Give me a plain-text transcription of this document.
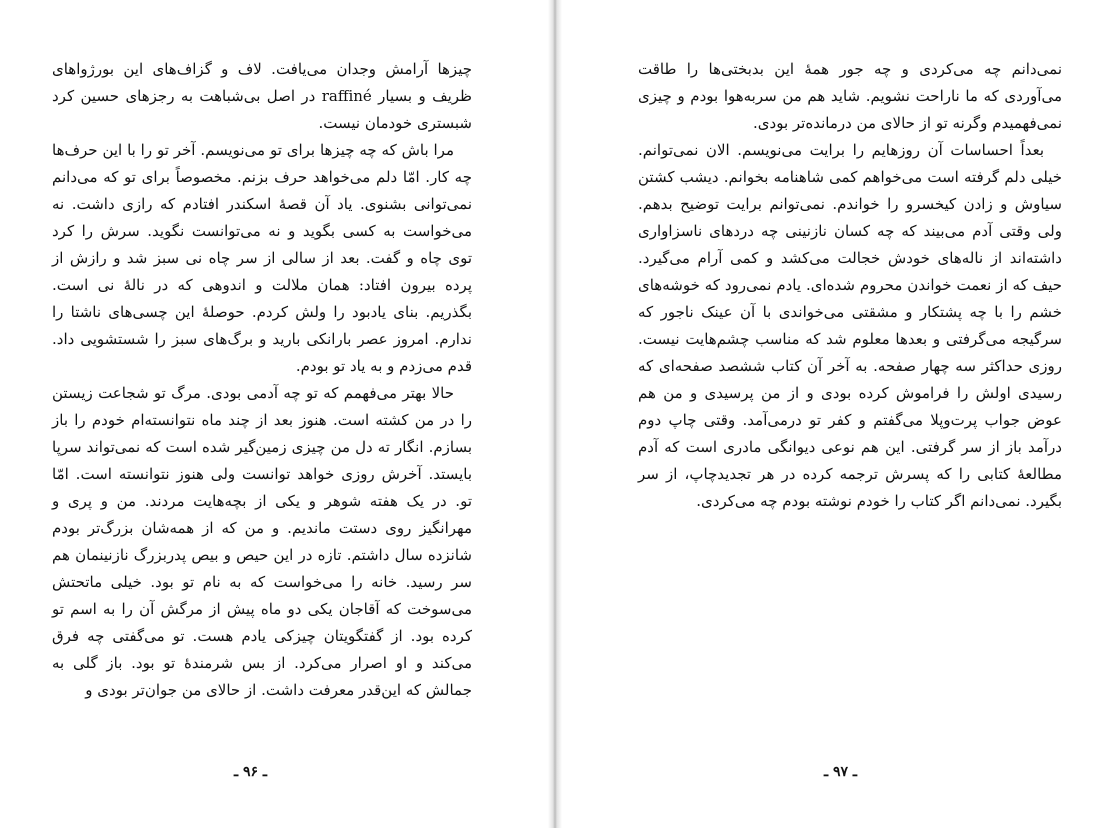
چیزها آرامش وجدان می‌یافت. لاف و گزاف‌های این بورژواهای ظریف و بسیار raffiné در اصل بی‌شباهت به رجزهای حسین کرد شبستری خودمان نیست.

مرا باش که چه چیزها برای تو می‌نویسم. آخر تو را با این حرف‌ها چه کار. امّا دلم می‌خواهد حرف بزنم. مخصوصاً برای تو که می‌دانم نمی‌توانی بشنوی. یاد آن قصهٔ اسکندر افتادم که رازی داشت. نه می‌خواست به کسی بگوید و نه می‌توانست نگوید. سرش را کرد توی چاه و گفت. بعد از سالی از سر چاه نی سبز شد و رازش از پرده بیرون افتاد: همان ملالت و اندوهی که در نالهٔ نی است. بگذریم. بنای یادبود را ولش کردم. حوصلهٔ این چسی‌های ناشتا را ندارم. امروز عصر بارانکی بارید و برگ‌های سبز را شستشویی داد. قدم می‌زدم و به یاد تو بودم.

حالا بهتر می‌فهمم که تو چه آدمی بودی. مرگ تو شجاعت زیستن را در من کشته است. هنوز بعد از چند ماه نتوانسته‌ام خودم را باز بسازم. انگار ته دل من چیزی زمین‌گیر شده است که نمی‌تواند سرپا بایستد. آخرش روزی خواهد توانست ولی هنوز نتوانسته است. امّا تو. در یک هفته شوهر و یکی از بچه‌هایت مردند. من و پری و مهرانگیز روی دستت ماندیم. و من که از همه‌شان بزرگ‌تر بودم شانزده سال داشتم. تازه در این حیص و بیص پدربزرگ نازنینمان هم سر رسید. خانه را می‌خواست که به نام تو بود. خیلی ماتحتش می‌سوخت که آقاجان یکی دو ماه پیش از مرگش آن را به اسم تو کرده بود. از گفتگویتان چیزکی یادم هست. تو می‌گفتی چه فرق می‌کند و او اصرار می‌کرد. از بس شرمندهٔ تو بود. باز گلی به جمالش که این‌قدر معرفت داشت. از حالای من جوان‌تر بودی و

ـ ۹۶ ـ

نمی‌دانم چه می‌کردی و چه جور همهٔ این بدبختی‌ها را طاقت می‌آوردی که ما ناراحت نشویم. شاید هم من سربه‌هوا بودم و چیزی نمی‌فهمیدم وگرنه تو از حالای من درمانده‌تر بودی.

بعداً احساسات آن روزهایم را برایت می‌نویسم. الان نمی‌توانم. خیلی دلم گرفته است می‌خواهم کمی شاهنامه بخوانم. دیشب کشتن سیاوش و زادن کیخسرو را خواندم. نمی‌توانم برایت توضیح بدهم. ولی وقتی آدم می‌بیند که چه کسان نازنینی چه دردهای ناسزاواری داشته‌اند از ناله‌های خودش خجالت می‌کشد و کمی آرام می‌گیرد. حیف که از نعمت خواندن محروم شده‌ای. یادم نمی‌رود که خوشه‌های خشم را با چه پشتکار و مشقتی می‌خواندی با آن عینک ناجور که سرگیجه می‌گرفتی و بعدها معلوم شد که مناسب چشم‌هایت نیست. روزی حداکثر سه چهار صفحه. به آخر آن کتاب ششصد صفحه‌ای که رسیدی اولش را فراموش کرده بودی و از من پرسیدی و من هم عوض جواب پرت‌وپلا می‌گفتم و کفر تو درمی‌آمد. وقتی چاپ دوم درآمد باز از سر گرفتی. این هم نوعی دیوانگی مادری است که آدم مطالعهٔ کتابی را که پسرش ترجمه کرده در هر تجدیدچاپ، از سر بگیرد. نمی‌دانم اگر کتاب را خودم نوشته بودم چه می‌کردی.

ـ ۹۷ ـ
